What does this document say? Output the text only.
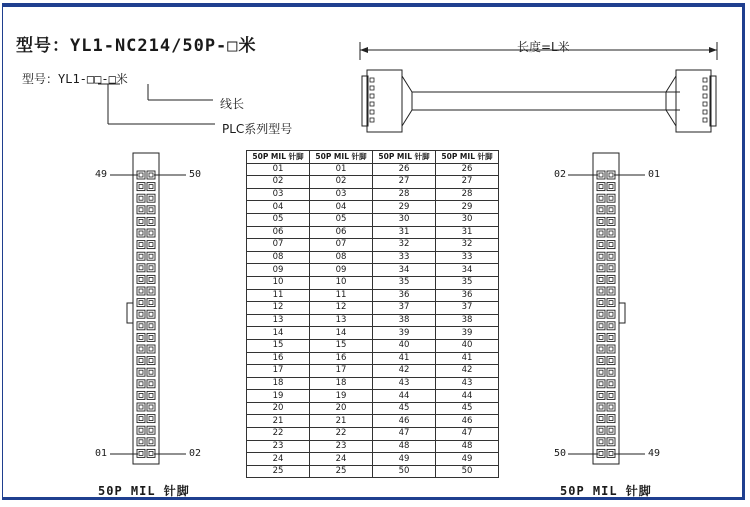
型号：YL1-NC214/50P-□米
型号：YL1-□□-□米
线长
PLC系列型号
长度=L米
49	50
01	02
02	01
50	49
50P MIL 针脚	50P MIL 针脚
50P MIL 针脚	50P MIL 针脚	50P MIL 针脚	50P MIL 针脚
01	01	26	26
02	02	27	27
03	03	28	28
04	04	29	29
05	05	30	30
06	06	31	31
07	07	32	32
08	08	33	33
09	09	34	34
10	10	35	35
11	11	36	36
12	12	37	37
13	13	38	38
14	14	39	39
15	15	40	40
16	16	41	41
17	17	42	42
18	18	43	43
19	19	44	44
20	20	45	45
21	21	46	46
22	22	47	47
23	23	48	48
24	24	49	49
25	25	50	50
